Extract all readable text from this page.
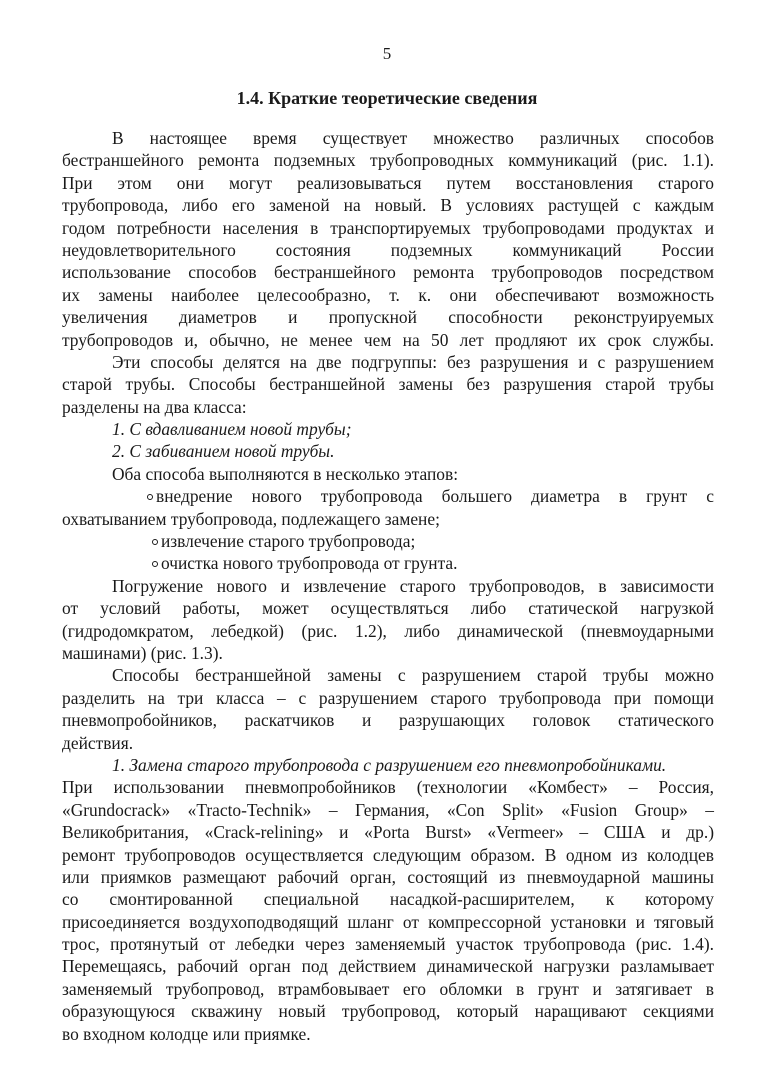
5
1.4. Краткие теоретические сведения
В настоящее время существует множество различных способов
бестраншейного ремонта подземных трубопроводных коммуникаций (рис. 1.1).
При этом они могут реализовываться путем восстановления старого
трубопровода, либо его заменой на новый. В условиях растущей с каждым
годом потребности населения в транспортируемых трубопроводами продуктах и
неудовлетворительного состояния подземных коммуникаций России
использование способов бестраншейного ремонта трубопроводов посредством
их замены наиболее целесообразно, т. к. они обеспечивают возможность
увеличения диаметров и пропускной способности реконструируемых
трубопроводов и, обычно, не менее чем на 50 лет продляют их срок службы.
Эти способы делятся на две подгруппы: без разрушения и с разрушением
старой трубы. Способы бестраншейной замены без разрушения старой трубы
разделены на два класса:
1. С вдавливанием новой трубы;
2. С забиванием новой трубы.
Оба способа выполняются в несколько этапов:
внедрение нового трубопровода большего диаметра в грунт с
охватыванием трубопровода, подлежащего замене;
извлечение старого трубопровода;
очистка нового трубопровода от грунта.
Погружение нового и извлечение старого трубопроводов, в зависимости
от условий работы, может осуществляться либо статической нагрузкой
(гидродомкратом, лебедкой) (рис. 1.2), либо динамической (пневмоударными
машинами) (рис. 1.3).
Способы бестраншейной замены с разрушением старой трубы можно
разделить на три класса – с разрушением старого трубопровода при помощи
пневмопробойников, раскатчиков и разрушающих головок статического
действия.
1. Замена старого трубопровода с разрушением его пневмопробойниками.
При использовании пневмопробойников (технологии «Комбест» – Россия,
«Grundocrack» «Tracto-Technik» – Германия, «Con Split» «Fusion Group» –
Великобритания, «Crack-relining» и «Porta Burst» «Vermeer» – США и др.)
ремонт трубопроводов осуществляется следующим образом. В одном из колодцев
или приямков размещают рабочий орган, состоящий из пневмоударной машины
со смонтированной специальной насадкой-расширителем, к которому
присоединяется воздухоподводящий шланг от компрессорной установки и тяговый
трос, протянутый от лебедки через заменяемый участок трубопровода (рис. 1.4).
Перемещаясь, рабочий орган под действием динамической нагрузки разламывает
заменяемый трубопровод, втрамбовывает его обломки в грунт и затягивает в
образующуюся скважину новый трубопровод, который наращивают секциями
во входном колодце или приямке.
